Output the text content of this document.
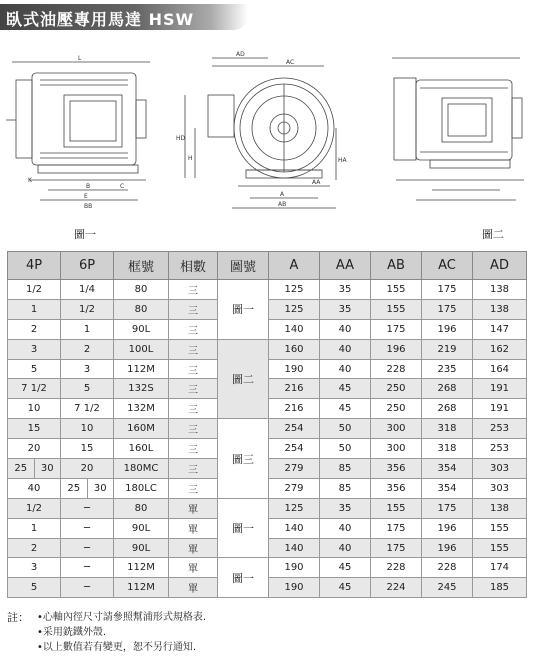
臥式油壓專用馬達 HSW
L
K
B	C
E
BB
AD
AC
HD
H	HA
AA
A
AB
圖一	圖二
4P	6P	框號	相數	圖號	A	AA	AB	AC	AD
1/2	1/4	80	三	圖一	125	35	155	175	138
1	1/2	80	三		125	35	155	175	138
2	1	90L	三		140	40	175	196	147
3	2	100L	三	圖二	160	40	196	219	162
5	3	112M	三		190	40	228	235	164
7 1/2	5	132S	三		216	45	250	268	191
10	7 1/2	132M	三		216	45	250	268	191
15	10	160M	三	圖三	254	50	300	318	253
20	15	160L	三		254	50	300	318	253

25 30	20	180MC	三		279	85	356	354	303
40	25 30	180LC	三		279	85	356	354	303
1/2	─	80	單	圖一	125	35	155	175	138
1	─	90L	單		140	40	175	196	155
2	─	90L	單		140	40	175	196	155
3	─	112M	單	圖一	190	45	228	228	174
5	─	112M	單		190	45	224	245	185
註： •心軸內徑尺寸請參照幫浦形式規格表.
•采用銑鐵外殼.
•以上數值若有變更，恕不另行通知.
